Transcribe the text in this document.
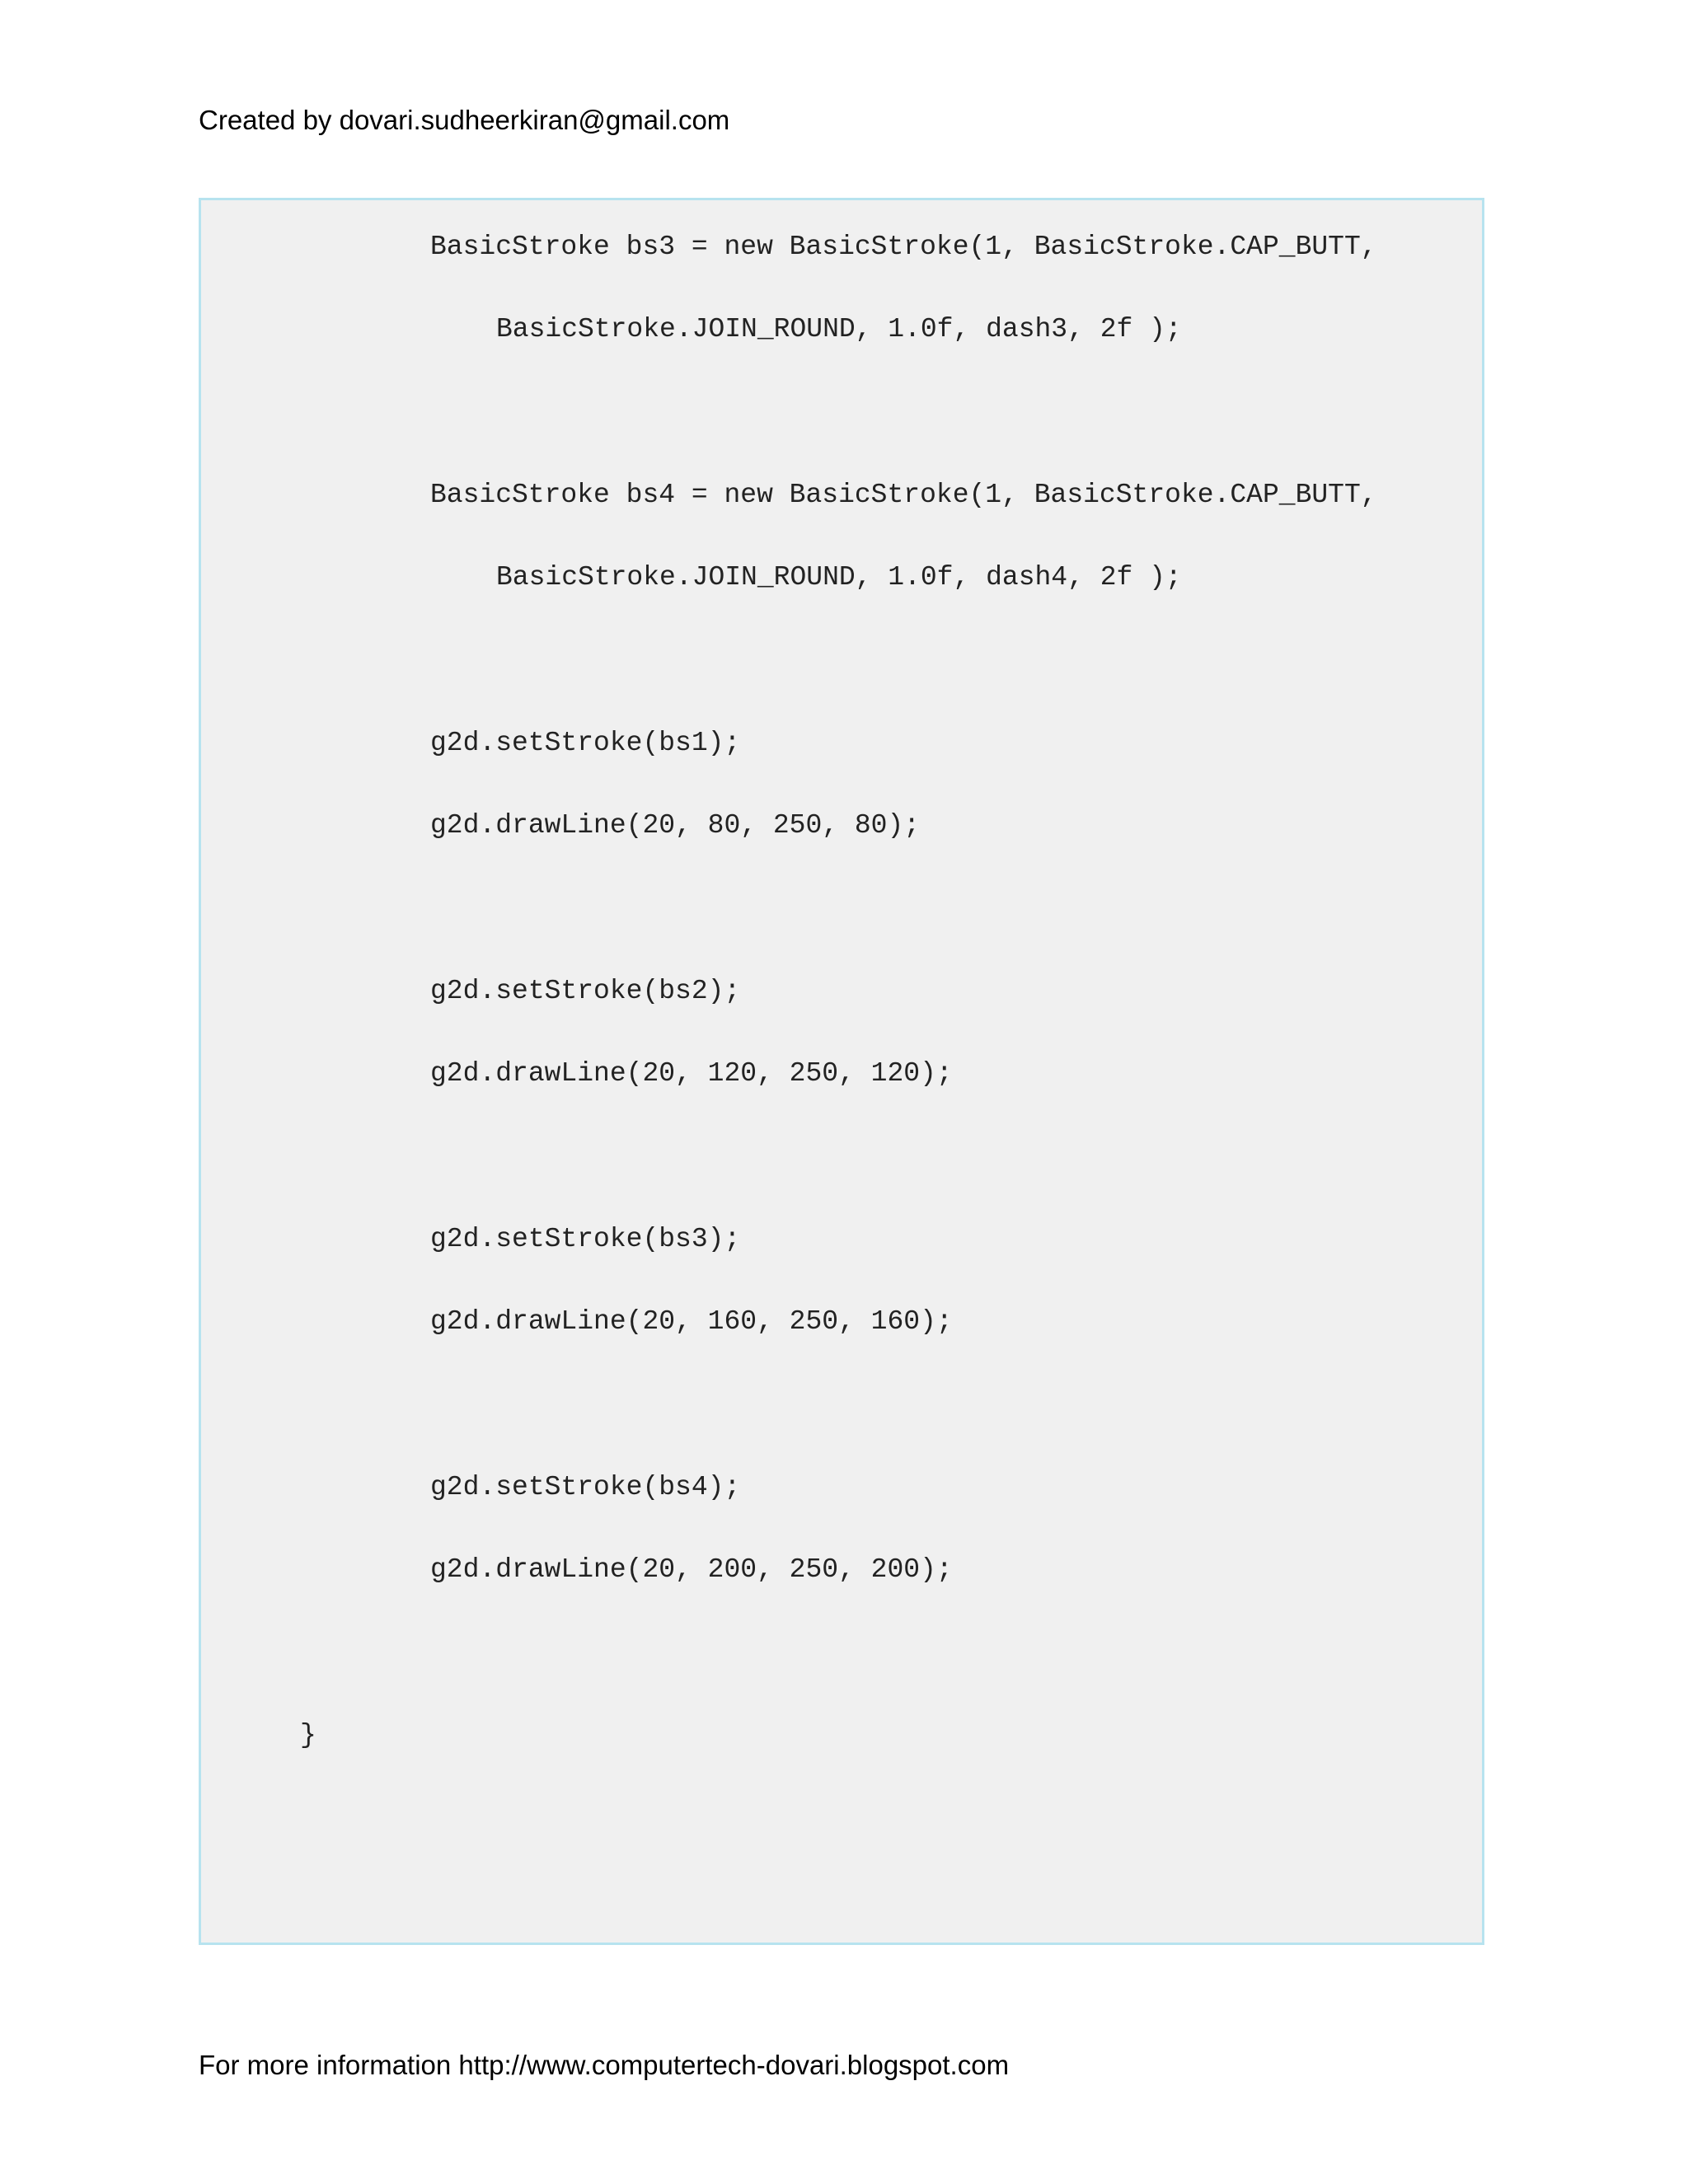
Created by dovari.sudheerkiran@gmail.com
BasicStroke bs3 = new BasicStroke(1, BasicStroke.CAP_BUTT,
BasicStroke.JOIN_ROUND, 1.0f, dash3, 2f );
BasicStroke bs4 = new BasicStroke(1, BasicStroke.CAP_BUTT,
BasicStroke.JOIN_ROUND, 1.0f, dash4, 2f );
g2d.setStroke(bs1);
g2d.drawLine(20, 80, 250, 80);
g2d.setStroke(bs2);
g2d.drawLine(20, 120, 250, 120);
g2d.setStroke(bs3);
g2d.drawLine(20, 160, 250, 160);
g2d.setStroke(bs4);
g2d.drawLine(20, 200, 250, 200);
}
For more information http://www.computertech-dovari.blogspot.com
